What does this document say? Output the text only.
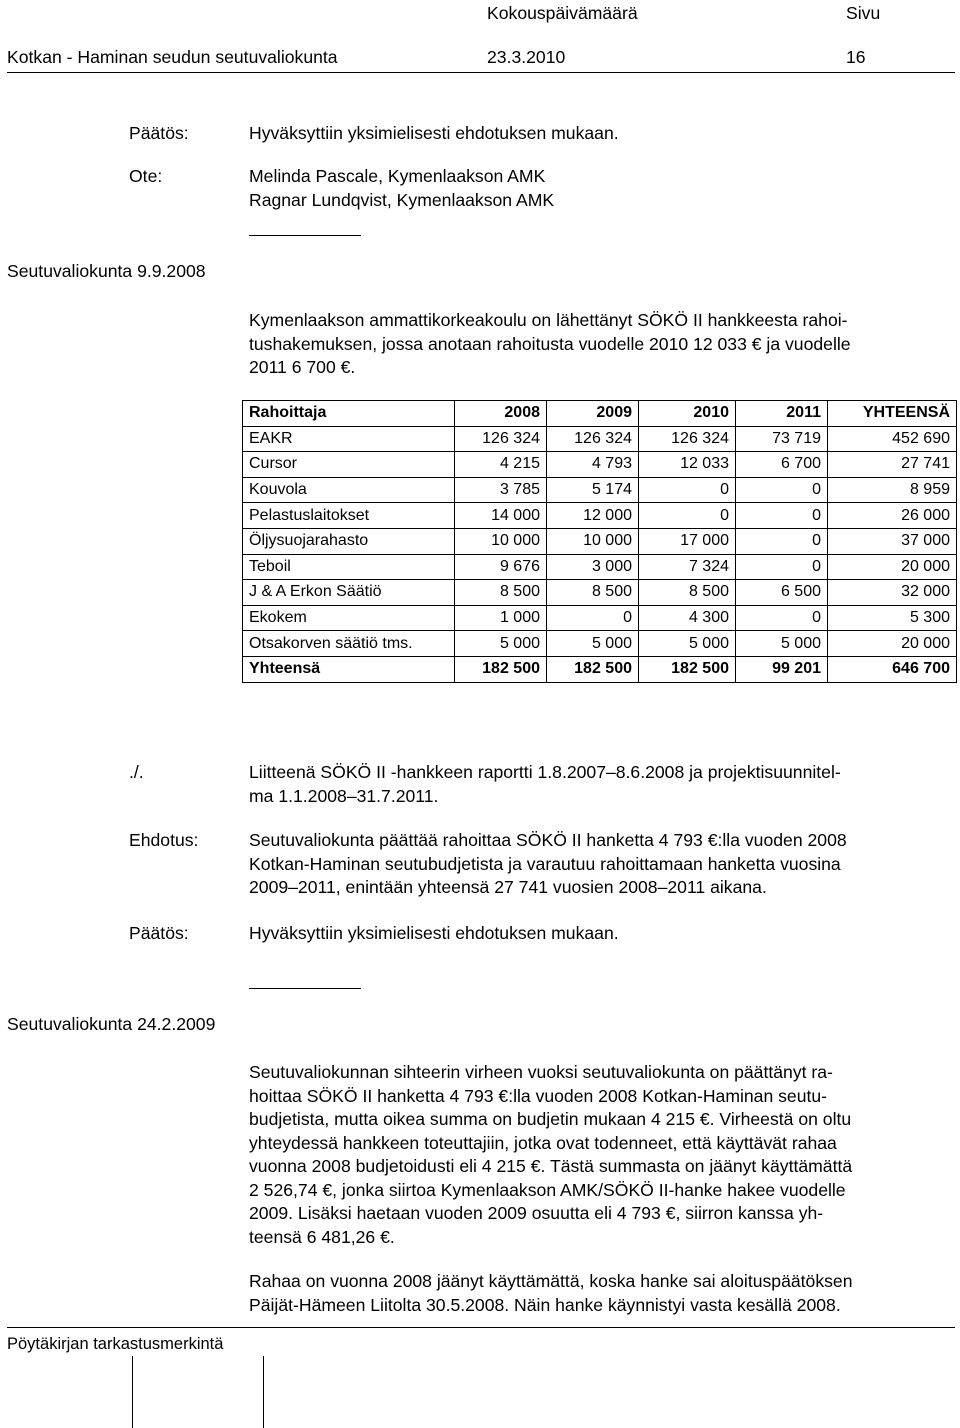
Kokouspäivämäärä	Sivu
Kotkan - Haminan seudun seutuvaliokunta	23.3.2010	16
Päätös:	Hyväksyttiin yksimielisesti ehdotuksen mukaan.
Ote:	Melinda Pascale, Kymenlaakson AMK
Ragnar Lundqvist, Kymenlaakson AMK
Seutuvaliokunta 9.9.2008
Kymenlaakson ammattikorkeakoulu on lähettänyt SÖKÖ II hankkeesta rahoi-
tushakemuksen, jossa anotaan rahoitusta vuodelle 2010 12 033 € ja vuodelle
2011 6 700 €.
Rahoittaja	2008	2009	2010	2011	YHTEENSÄ
EAKR	126 324	126 324	126 324	73 719	452 690
Cursor	4 215	4 793	12 033	6 700	27 741
Kouvola	3 785	5 174	0	0	8 959
Pelastuslaitokset	14 000	12 000	0	0	26 000
Öljysuojarahasto	10 000	10 000	17 000	0	37 000
Teboil	9 676	3 000	7 324	0	20 000
J & A Erkon Säätiö	8 500	8 500	8 500	6 500	32 000
Ekokem	1 000	0	4 300	0	5 300
Otsakorven säätiö tms.	5 000	5 000	5 000	5 000	20 000
Yhteensä	182 500	182 500	182 500	99 201	646 700
./.	Liitteenä SÖKÖ II -hankkeen raportti 1.8.2007–8.6.2008 ja projektisuunnitel-
ma 1.1.2008–31.7.2011.
Ehdotus:	Seutuvaliokunta päättää rahoittaa SÖKÖ II hanketta 4 793 €:lla vuoden 2008
Kotkan-Haminan seutubudjetista ja varautuu rahoittamaan hanketta vuosina
2009–2011, enintään yhteensä 27 741 vuosien 2008–2011 aikana.
Päätös:	Hyväksyttiin yksimielisesti ehdotuksen mukaan.
Seutuvaliokunta 24.2.2009
Seutuvaliokunnan sihteerin virheen vuoksi seutuvaliokunta on päättänyt ra-
hoittaa SÖKÖ II hanketta 4 793 €:lla vuoden 2008 Kotkan-Haminan seutu-
budjetista, mutta oikea summa on budjetin mukaan 4 215 €. Virheestä on oltu
yhteydessä hankkeen toteuttajiin, jotka ovat todenneet, että käyttävät rahaa
vuonna 2008 budjetoidusti eli 4 215 €. Tästä summasta on jäänyt käyttämättä
2 526,74 €, jonka siirtoa Kymenlaakson AMK/SÖKÖ II-hanke hakee vuodelle
2009. Lisäksi haetaan vuoden 2009 osuutta eli 4 793 €, siirron kanssa yh-
teensä 6 481,26 €.
Rahaa on vuonna 2008 jäänyt käyttämättä, koska hanke sai aloituspäätöksen
Päijät-Hämeen Liitolta 30.5.2008. Näin hanke käynnistyi vasta kesällä 2008.
Pöytäkirjan tarkastusmerkintä
